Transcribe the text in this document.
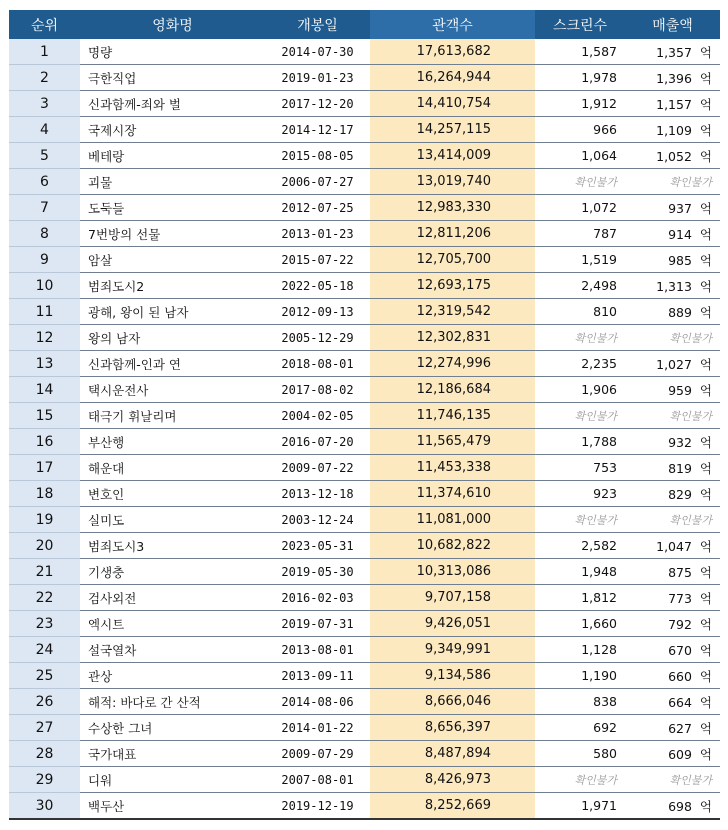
순위	영화명	개봉일	관객수	스크린수	매출액
1	명량	2014-07-30	17,613,682	1,587	1,357 억
2	극한직업	2019-01-23	16,264,944	1,978	1,396 억
3	신과함께-죄와 벌	2017-12-20	14,410,754	1,912	1,157 억
4	국제시장	2014-12-17	14,257,115	966	1,109 억
5	베테랑	2015-08-05	13,414,009	1,064	1,052 억
6	괴물	2006-07-27	13,019,740	확인불가	확인불가
7	도둑들	2012-07-25	12,983,330	1,072	937 억
8	7번방의 선물	2013-01-23	12,811,206	787	914 억
9	암살	2015-07-22	12,705,700	1,519	985 억
10	범죄도시2	2022-05-18	12,693,175	2,498	1,313 억
11	광해, 왕이 된 남자	2012-09-13	12,319,542	810	889 억
12	왕의 남자	2005-12-29	12,302,831	확인불가	확인불가
13	신과함께-인과 연	2018-08-01	12,274,996	2,235	1,027 억
14	택시운전사	2017-08-02	12,186,684	1,906	959 억
15	태극기 휘날리며	2004-02-05	11,746,135	확인불가	확인불가
16	부산행	2016-07-20	11,565,479	1,788	932 억
17	해운대	2009-07-22	11,453,338	753	819 억
18	변호인	2013-12-18	11,374,610	923	829 억
19	실미도	2003-12-24	11,081,000	확인불가	확인불가
20	범죄도시3	2023-05-31	10,682,822	2,582	1,047 억
21	기생충	2019-05-30	10,313,086	1,948	875 억
22	검사외전	2016-02-03	9,707,158	1,812	773 억
23	엑시트	2019-07-31	9,426,051	1,660	792 억
24	설국열차	2013-08-01	9,349,991	1,128	670 억
25	관상	2013-09-11	9,134,586	1,190	660 억
26	해적: 바다로 간 산적	2014-08-06	8,666,046	838	664 억
27	수상한 그녀	2014-01-22	8,656,397	692	627 억
28	국가대표	2009-07-29	8,487,894	580	609 억
29	디워	2007-08-01	8,426,973	확인불가	확인불가
30	백두산	2019-12-19	8,252,669	1,971	698 억
